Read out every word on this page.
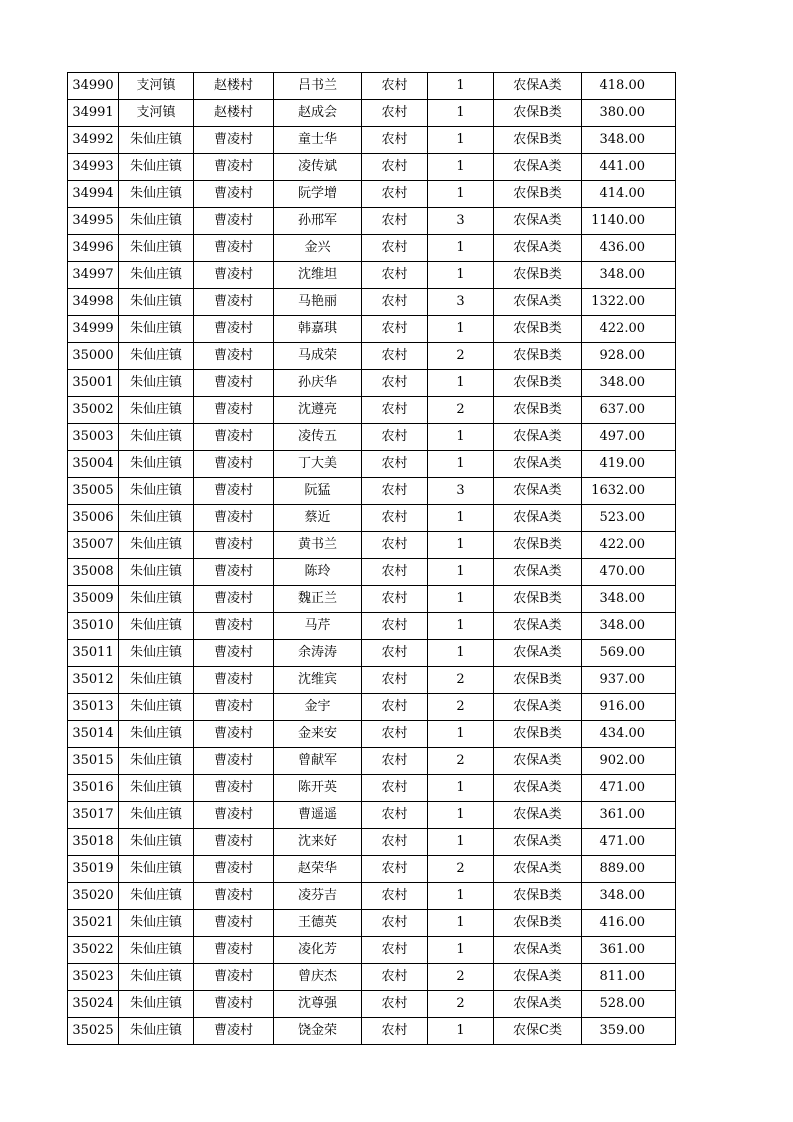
34990	支河镇	赵楼村	吕书兰	农村	1	农保A类	418.00
34991	支河镇	赵楼村	赵成会	农村	1	农保B类	380.00
34992	朱仙庄镇	曹凌村	童士华	农村	1	农保B类	348.00
34993	朱仙庄镇	曹凌村	凌传斌	农村	1	农保A类	441.00
34994	朱仙庄镇	曹凌村	阮学增	农村	1	农保B类	414.00
34995	朱仙庄镇	曹凌村	孙邢军	农村	3	农保A类	1140.00
34996	朱仙庄镇	曹凌村	金兴	农村	1	农保A类	436.00
34997	朱仙庄镇	曹凌村	沈维坦	农村	1	农保B类	348.00
34998	朱仙庄镇	曹凌村	马艳丽	农村	3	农保A类	1322.00
34999	朱仙庄镇	曹凌村	韩嘉琪	农村	1	农保B类	422.00
35000	朱仙庄镇	曹凌村	马成荣	农村	2	农保B类	928.00
35001	朱仙庄镇	曹凌村	孙庆华	农村	1	农保B类	348.00
35002	朱仙庄镇	曹凌村	沈遵亮	农村	2	农保B类	637.00
35003	朱仙庄镇	曹凌村	凌传五	农村	1	农保A类	497.00
35004	朱仙庄镇	曹凌村	丁大美	农村	1	农保A类	419.00
35005	朱仙庄镇	曹凌村	阮猛	农村	3	农保A类	1632.00
35006	朱仙庄镇	曹凌村	蔡近	农村	1	农保A类	523.00
35007	朱仙庄镇	曹凌村	黄书兰	农村	1	农保B类	422.00
35008	朱仙庄镇	曹凌村	陈玲	农村	1	农保A类	470.00
35009	朱仙庄镇	曹凌村	魏正兰	农村	1	农保B类	348.00
35010	朱仙庄镇	曹凌村	马芹	农村	1	农保A类	348.00
35011	朱仙庄镇	曹凌村	余涛涛	农村	1	农保A类	569.00
35012	朱仙庄镇	曹凌村	沈维宾	农村	2	农保B类	937.00
35013	朱仙庄镇	曹凌村	金宇	农村	2	农保A类	916.00
35014	朱仙庄镇	曹凌村	金来安	农村	1	农保B类	434.00
35015	朱仙庄镇	曹凌村	曾献军	农村	2	农保A类	902.00
35016	朱仙庄镇	曹凌村	陈开英	农村	1	农保A类	471.00
35017	朱仙庄镇	曹凌村	曹遥遥	农村	1	农保A类	361.00
35018	朱仙庄镇	曹凌村	沈来好	农村	1	农保A类	471.00
35019	朱仙庄镇	曹凌村	赵荣华	农村	2	农保A类	889.00
35020	朱仙庄镇	曹凌村	凌芬吉	农村	1	农保B类	348.00
35021	朱仙庄镇	曹凌村	王德英	农村	1	农保B类	416.00
35022	朱仙庄镇	曹凌村	凌化芳	农村	1	农保A类	361.00
35023	朱仙庄镇	曹凌村	曾庆杰	农村	2	农保A类	811.00
35024	朱仙庄镇	曹凌村	沈尊强	农村	2	农保A类	528.00
35025	朱仙庄镇	曹凌村	饶金荣	农村	1	农保C类	359.00
